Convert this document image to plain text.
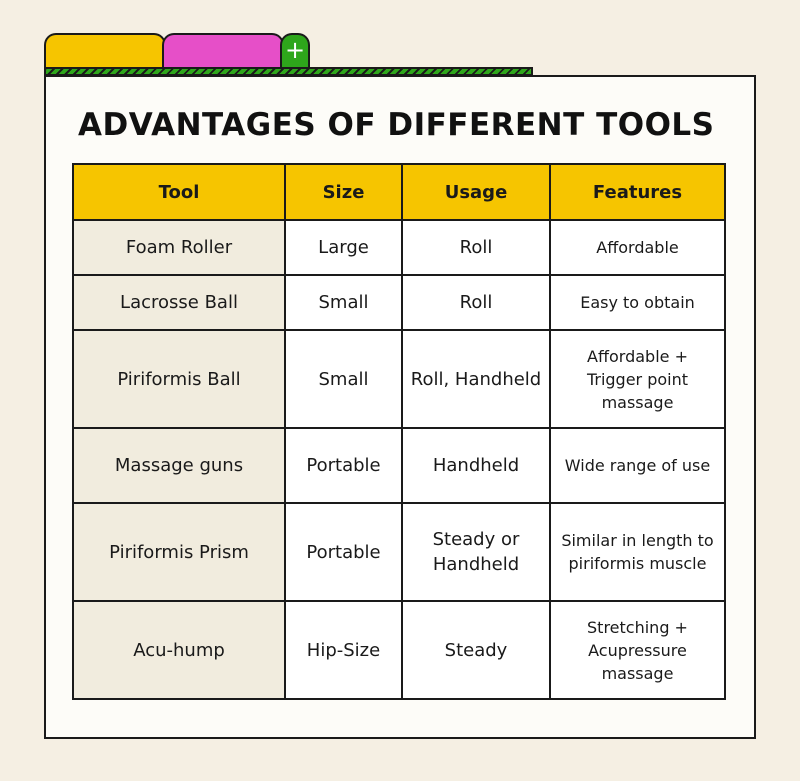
+
ADVANTAGES OF DIFFERENT TOOLS
Tool	Size	Usage	Features
Foam Roller	Large	Roll	Affordable
Lacrosse Ball	Small	Roll	Easy to obtain
Piriformis Ball	Small	Roll, Handheld	Affordable + Trigger point massage
Massage guns	Portable	Handheld	Wide range of use
Piriformis Prism	Portable	Steady or Handheld	Similar in length to piriformis muscle
Acu-hump	Hip-Size	Steady	Stretching + Acupressure massage
